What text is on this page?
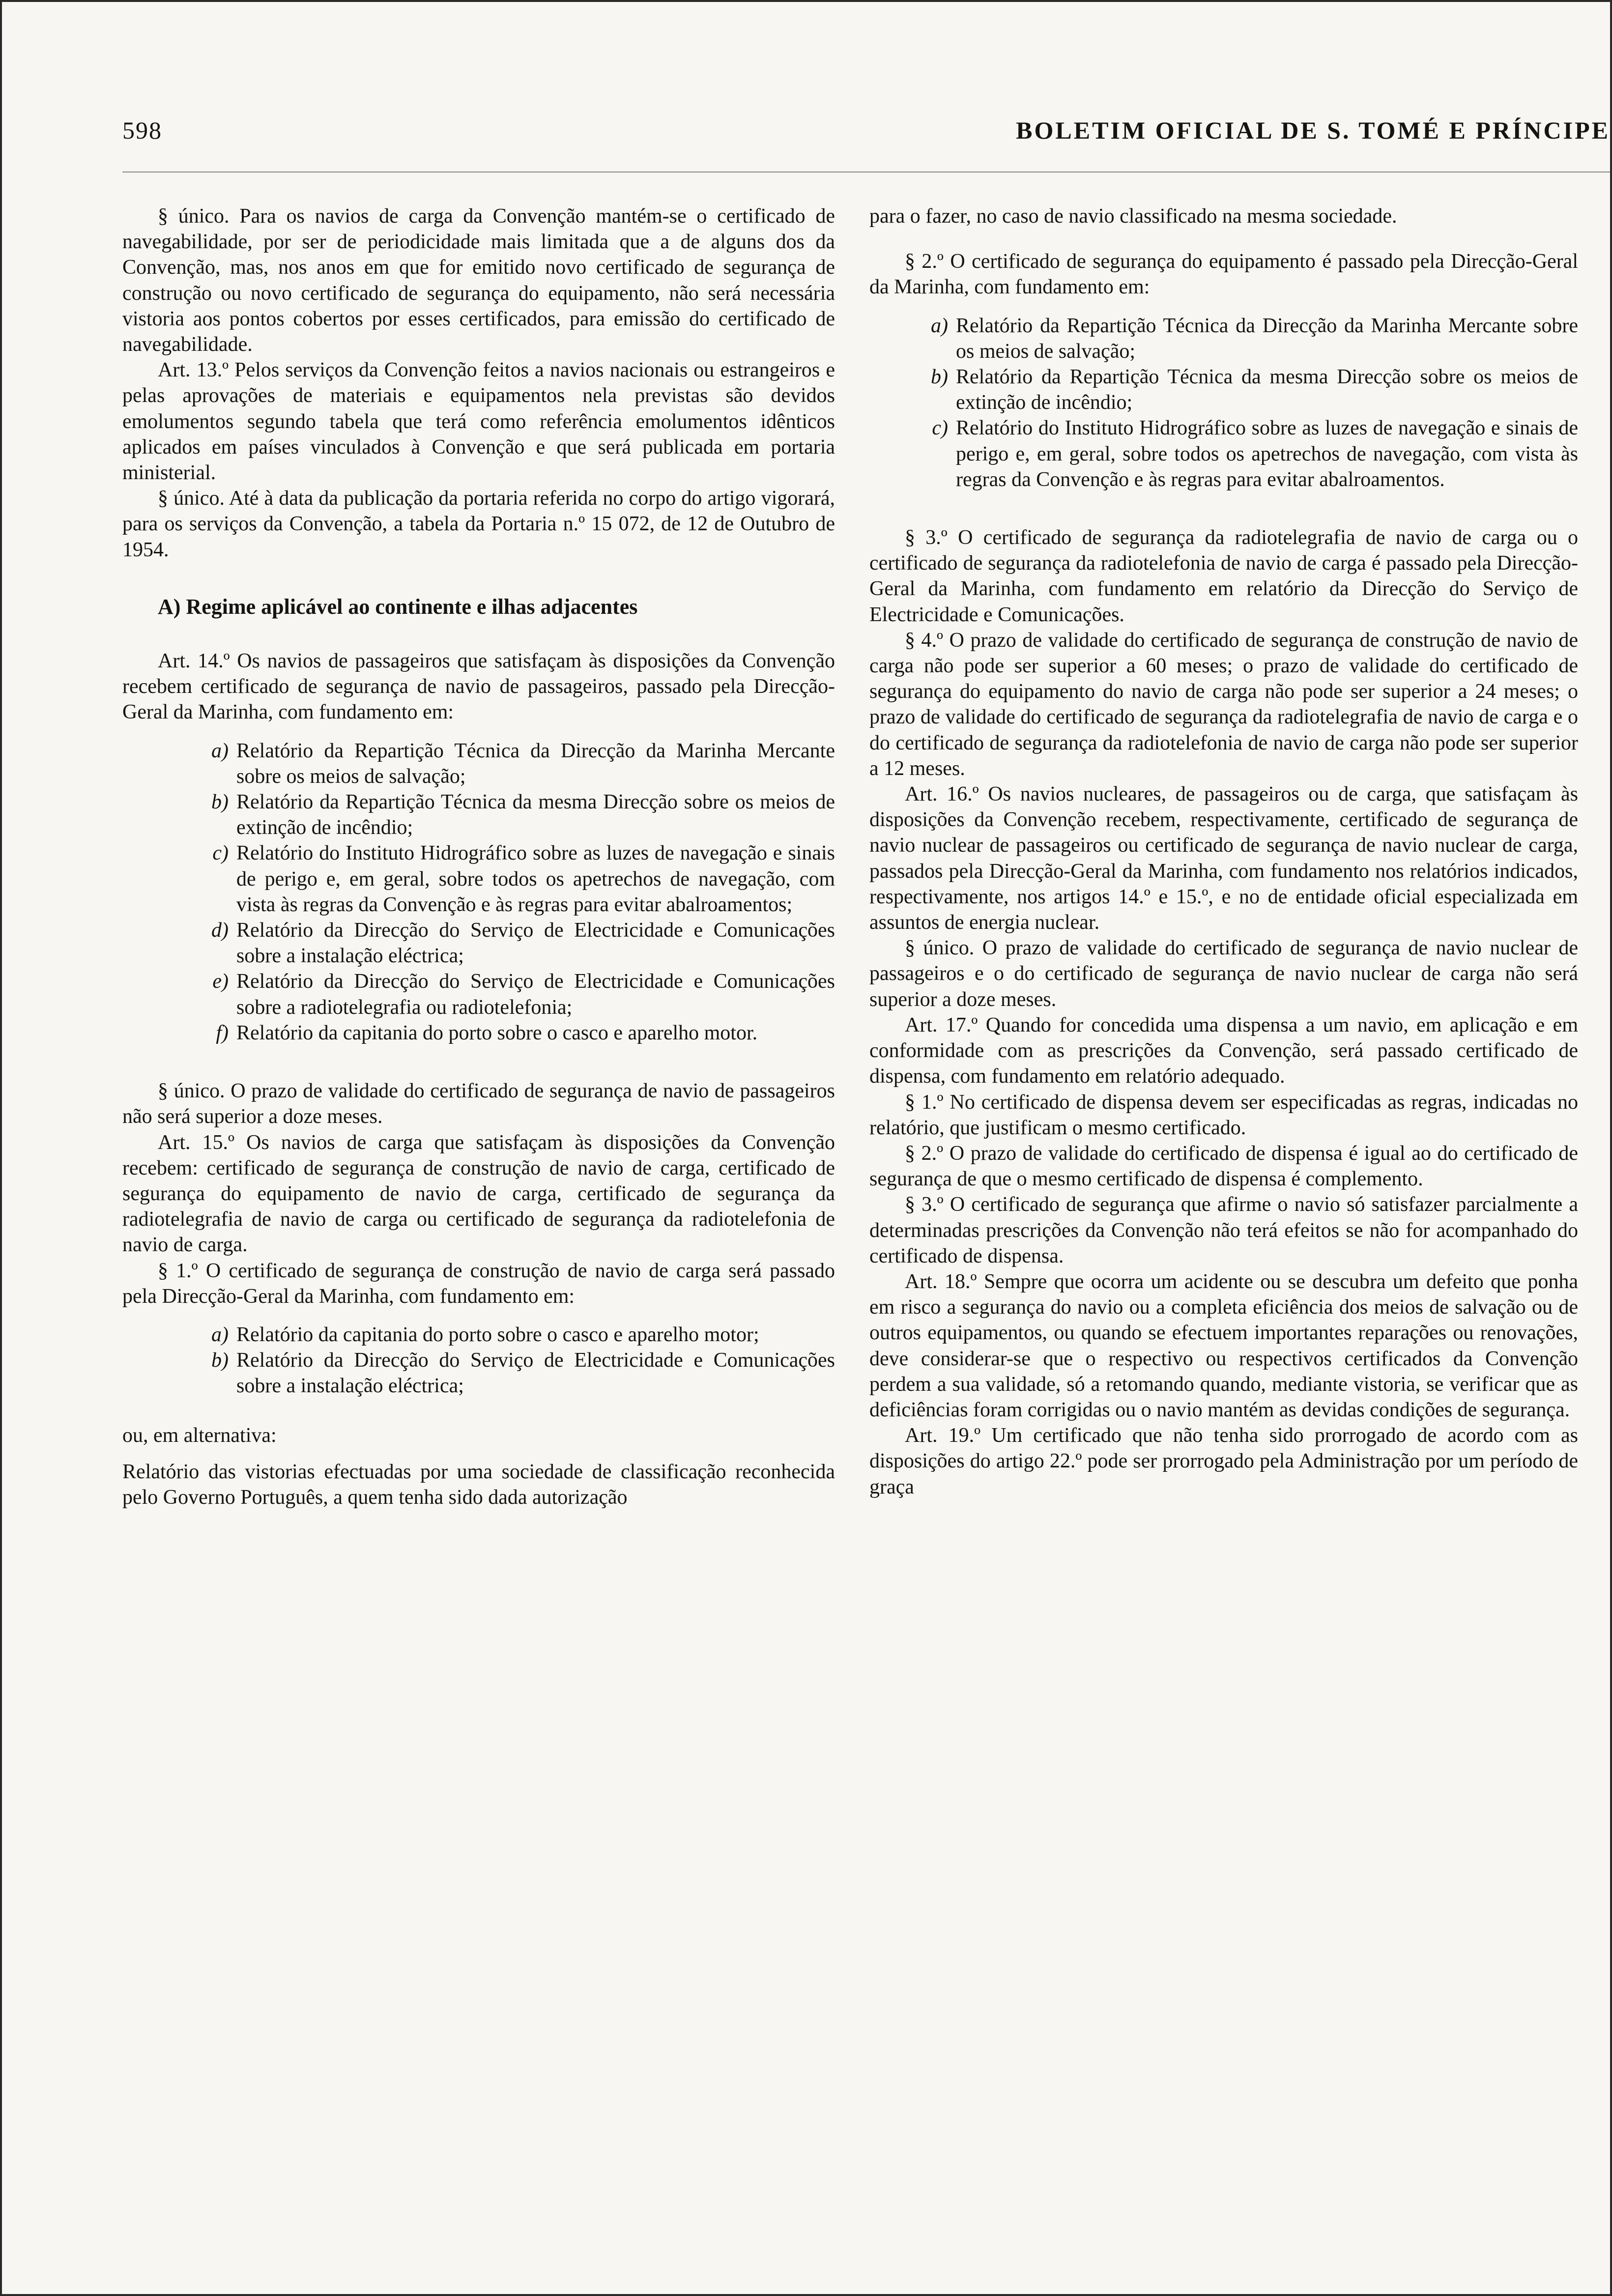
598	BOLETIM OFICIAL DE S. TOMÉ E PRÍNCIPE

§ único. Para os navios de carga da Convenção mantém-se o certificado de navegabilidade, por ser de periodicidade mais limitada que a de alguns dos da Convenção, mas, nos anos em que for emitido novo certificado de segurança de construção ou novo certificado de segurança do equipamento, não será necessária vistoria aos pontos cobertos por esses certificados, para emissão do certificado de navegabilidade.

Art. 13.º Pelos serviços da Convenção feitos a navios nacionais ou estrangeiros e pelas aprovações de materiais e equipamentos nela previstas são devidos emolumentos segundo tabela que terá como referência emolumentos idênticos aplicados em países vinculados à Convenção e que será publicada em portaria ministerial.

§ único. Até à data da publicação da portaria referida no corpo do artigo vigorará, para os serviços da Convenção, a tabela da Portaria n.º 15 072, de 12 de Outubro de 1954.

A) Regime aplicável ao continente e ilhas adjacentes

Art. 14.º Os navios de passageiros que satisfaçam às disposições da Convenção recebem certificado de segurança de navio de passageiros, passado pela Direcção-Geral da Marinha, com fundamento em:

a) Relatório da Repartição Técnica da Direcção da Marinha Mercante sobre os meios de salvação;
b) Relatório da Repartição Técnica da mesma Direcção sobre os meios de extinção de incêndio;
c) Relatório do Instituto Hidrográfico sobre as luzes de navegação e sinais de perigo e, em geral, sobre todos os apetrechos de navegação, com vista às regras da Convenção e às regras para evitar abalroamentos;
d) Relatório da Direcção do Serviço de Electricidade e Comunicações sobre a instalação eléctrica;
e) Relatório da Direcção do Serviço de Electricidade e Comunicações sobre a radiotelegrafia ou radiotelefonia;
f) Relatório da capitania do porto sobre o casco e aparelho motor.

§ único. O prazo de validade do certificado de segurança de navio de passageiros não será superior a doze meses.

Art. 15.º Os navios de carga que satisfaçam às disposições da Convenção recebem: certificado de segurança de construção de navio de carga, certificado de segurança do equipamento de navio de carga, certificado de segurança da radiotelegrafia de navio de carga ou certificado de segurança da radiotelefonia de navio de carga.

§ 1.º O certificado de segurança de construção de navio de carga será passado pela Direcção-Geral da Marinha, com fundamento em:

a) Relatório da capitania do porto sobre o casco e aparelho motor;
b) Relatório da Direcção do Serviço de Electricidade e Comunicações sobre a instalação eléctrica;

ou, em alternativa:

Relatório das vistorias efectuadas por uma sociedade de classificação reconhecida pelo Governo Português, a quem tenha sido dada autorização

para o fazer, no caso de navio classificado na mesma sociedade.

§ 2.º O certificado de segurança do equipamento é passado pela Direcção-Geral da Marinha, com fundamento em:

a) Relatório da Repartição Técnica da Direcção da Marinha Mercante sobre os meios de salvação;
b) Relatório da Repartição Técnica da mesma Direcção sobre os meios de extinção de incêndio;
c) Relatório do Instituto Hidrográfico sobre as luzes de navegação e sinais de perigo e, em geral, sobre todos os apetrechos de navegação, com vista às regras da Convenção e às regras para evitar abalroamentos.

§ 3.º O certificado de segurança da radiotelegrafia de navio de carga ou o certificado de segurança da radiotelefonia de navio de carga é passado pela Direcção-Geral da Marinha, com fundamento em relatório da Direcção do Serviço de Electricidade e Comunicações.

§ 4.º O prazo de validade do certificado de segurança de construção de navio de carga não pode ser superior a 60 meses; o prazo de validade do certificado de segurança do equipamento do navio de carga não pode ser superior a 24 meses; o prazo de validade do certificado de segurança da radiotelegrafia de navio de carga e o do certificado de segurança da radiotelefonia de navio de carga não pode ser superior a 12 meses.

Art. 16.º Os navios nucleares, de passageiros ou de carga, que satisfaçam às disposições da Convenção recebem, respectivamente, certificado de segurança de navio nuclear de passageiros ou certificado de segurança de navio nuclear de carga, passados pela Direcção-Geral da Marinha, com fundamento nos relatórios indicados, respectivamente, nos artigos 14.º e 15.º, e no de entidade oficial especializada em assuntos de energia nuclear.

§ único. O prazo de validade do certificado de segurança de navio nuclear de passageiros e o do certificado de segurança de navio nuclear de carga não será superior a doze meses.

Art. 17.º Quando for concedida uma dispensa a um navio, em aplicação e em conformidade com as prescrições da Convenção, será passado certificado de dispensa, com fundamento em relatório adequado.

§ 1.º No certificado de dispensa devem ser especificadas as regras, indicadas no relatório, que justificam o mesmo certificado.

§ 2.º O prazo de validade do certificado de dispensa é igual ao do certificado de segurança de que o mesmo certificado de dispensa é complemento.

§ 3.º O certificado de segurança que afirme o navio só satisfazer parcialmente a determinadas prescrições da Convenção não terá efeitos se não for acompanhado do certificado de dispensa.

Art. 18.º Sempre que ocorra um acidente ou se descubra um defeito que ponha em risco a segurança do navio ou a completa eficiência dos meios de salvação ou de outros equipamentos, ou quando se efectuem importantes reparações ou renovações, deve considerar-se que o respectivo ou respectivos certificados da Convenção perdem a sua validade, só a retomando quando, mediante vistoria, se verificar que as deficiências foram corrigidas ou o navio mantém as devidas condições de segurança.

Art. 19.º Um certificado que não tenha sido prorrogado de acordo com as disposições do artigo 22.º pode ser prorrogado pela Administração por um período de graça
